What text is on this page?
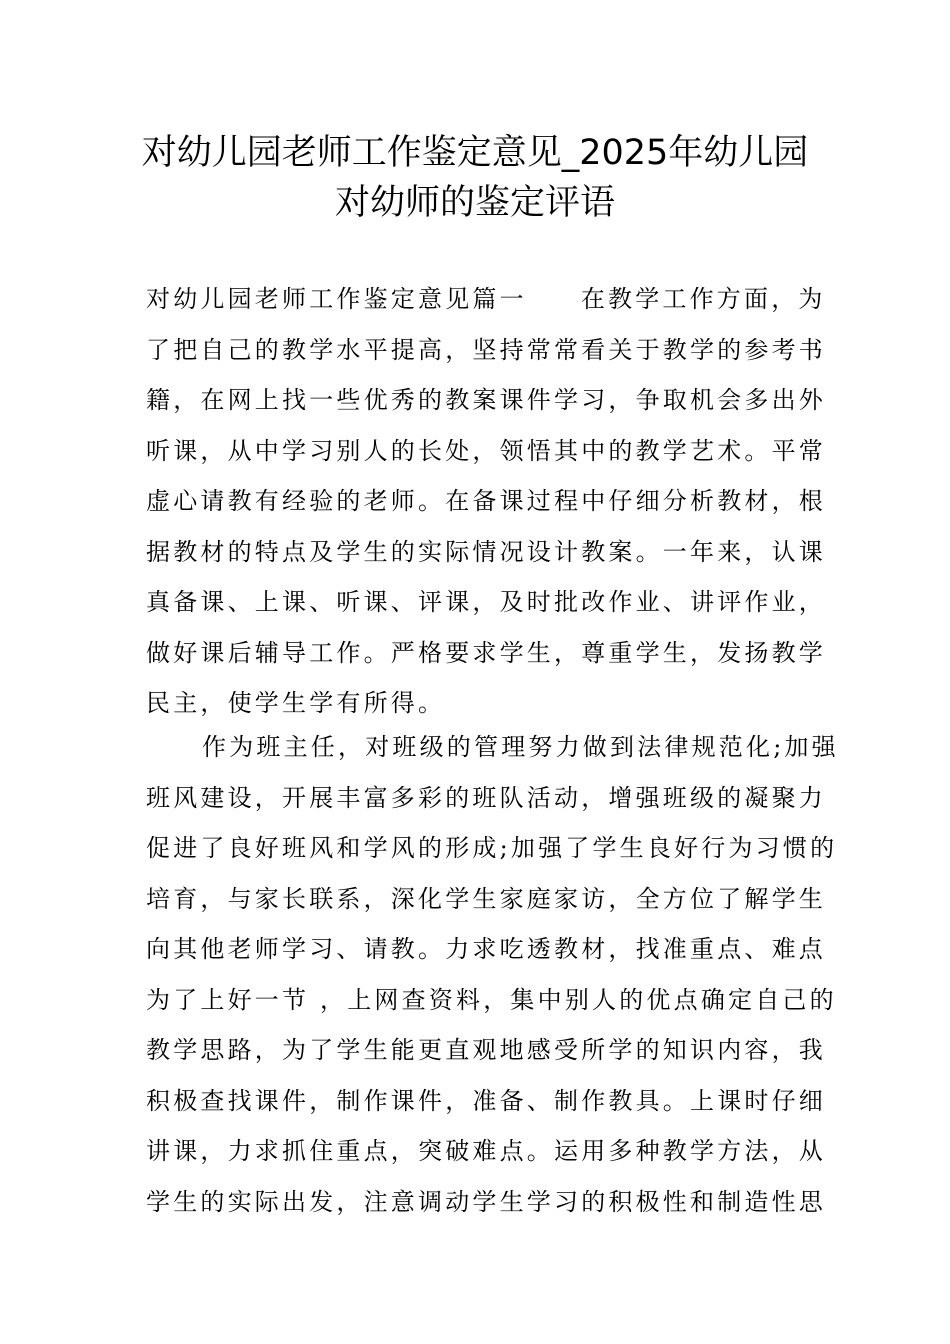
对幼儿园老师工作鉴定意见_2025年幼儿园
对幼师的鉴定评语
对幼儿园老师工作鉴定意见篇一 在教学工作方面，为
了把自己的教学水平提高，坚持常常看关于教学的参考书
籍，在网上找一些优秀的教案课件学习，争取机会多出外
听课，从中学习别人的长处，领悟其中的教学艺术。平常
虚心请教有经验的老师。在备课过程中仔细分析教材，根
据教材的特点及学生的实际情况设计教案。一年来，认课
真备课、上课、听课、评课，及时批改作业、讲评作业，
做好课后辅导工作。严格要求学生，尊重学生，发扬教学
民主，使学生学有所得。
作为班主任，对班级的管理努力做到法律规范化;加强
班风建设，开展丰富多彩的班队活动，增强班级的凝聚力
促进了良好班风和学风的形成;加强了学生良好行为习惯的
培育，与家长联系，深化学生家庭家访，全方位了解学生
向其他老师学习、请教。力求吃透教材，找准重点、难点
为了上好一节 ，上网查资料，集中别人的优点确定自己的
教学思路，为了学生能更直观地感受所学的知识内容，我
积极查找课件，制作课件，准备、制作教具。上课时仔细
讲课，力求抓住重点，突破难点。运用多种教学方法，从
学生的实际出发，注意调动学生学习的积极性和制造性思
